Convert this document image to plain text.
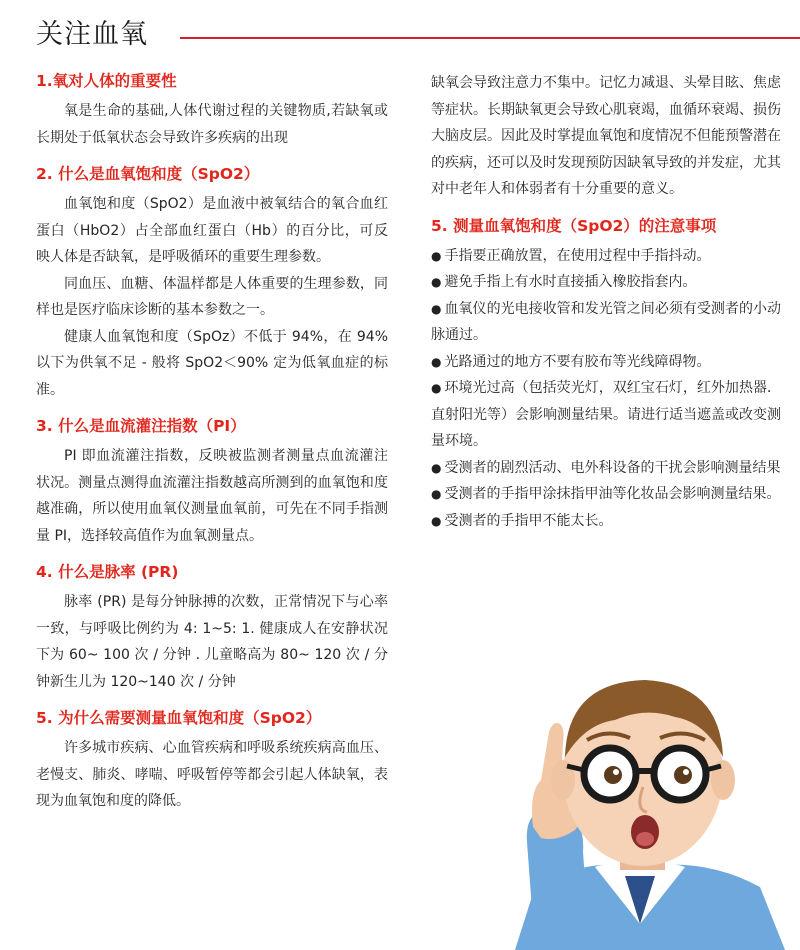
关注血氧
1.氧对人体的重要性

氧是生命的基础,人体代谢过程的关键物质,若缺氧或长期处于低氧状态会导致许多疾病的出现

2. 什么是血氧饱和度（SpO2）

血氧饱和度（SpO2）是血液中被氧结合的氧合血红蛋白（HbO2）占全部血红蛋白（Hb）的百分比，可反映人体是否缺氧，是呼吸循环的重要生理参数。

同血压、血糖、体温样都是人体重要的生理参数，同样也是医疗临床诊断的基本参数之一。

健康人血氧饱和度（SpOz）不低于 94%，在 94% 以下为供氧不足 - 般将 SpO2＜90% 定为低氧血症的标准。

3. 什么是血流灌注指数（PI）

PI 即血流灌注指数，反映被监测者测量点血流灌注状况。测量点测得血流灌注指数越高所测到的血氧饱和度越准确，所以使用血氧仪测量血氧前，可先在不同手指测量 PI，选择较高值作为血氧测量点。

4. 什么是脉率 (PR)

脉率 (PR) 是每分钟脉搏的次数，正常情况下与心率一致，与呼吸比例约为 4: 1~5: 1. 健康成人在安静状况下为 60~ 100 次 / 分钟 . 儿童略高为 80~ 120 次 / 分钟新生儿为 120~140 次 / 分钟

5. 为什么需要测量血氧饱和度（SpO2）

许多城市疾病、心血管疾病和呼吸系统疾病高血压、老慢支、肺炎、哮喘、呼吸暂停等都会引起人体缺氧，表现为血氧饱和度的降低。

缺氧会导致注意力不集中。记忆力减退、头晕目眩、焦虑等症状。长期缺氧更会导致心肌衰竭，血循环衰竭、损伤大脑皮层。因此及时掌提血氧饱和度情况不但能预警潜在的疾病，还可以及时发现预防因缺氧导致的并发症，尤其对中老年人和体弱者有十分重要的意义。

5. 测量血氧饱和度（SpO2）的注意事项
● 手指要正确放置，在使用过程中手指抖动。
● 避免手指上有水时直接插入橡胶指套内。
● 血氧仪的光电接收管和发光管之间必须有受测者的小动脉通过。
● 光路通过的地方不要有胶布等光线障碍物。
● 环境光过高（包括荧光灯，双红宝石灯，红外加热器．直射阳光等）会影响测量结果。请进行适当遮盖或改变测量环境。
● 受测者的剧烈活动、电外科设备的干扰会影响测量结果
● 受测者的手指甲涂抹指甲油等化妆品会影响测量结果。
● 受测者的手指甲不能太长。
